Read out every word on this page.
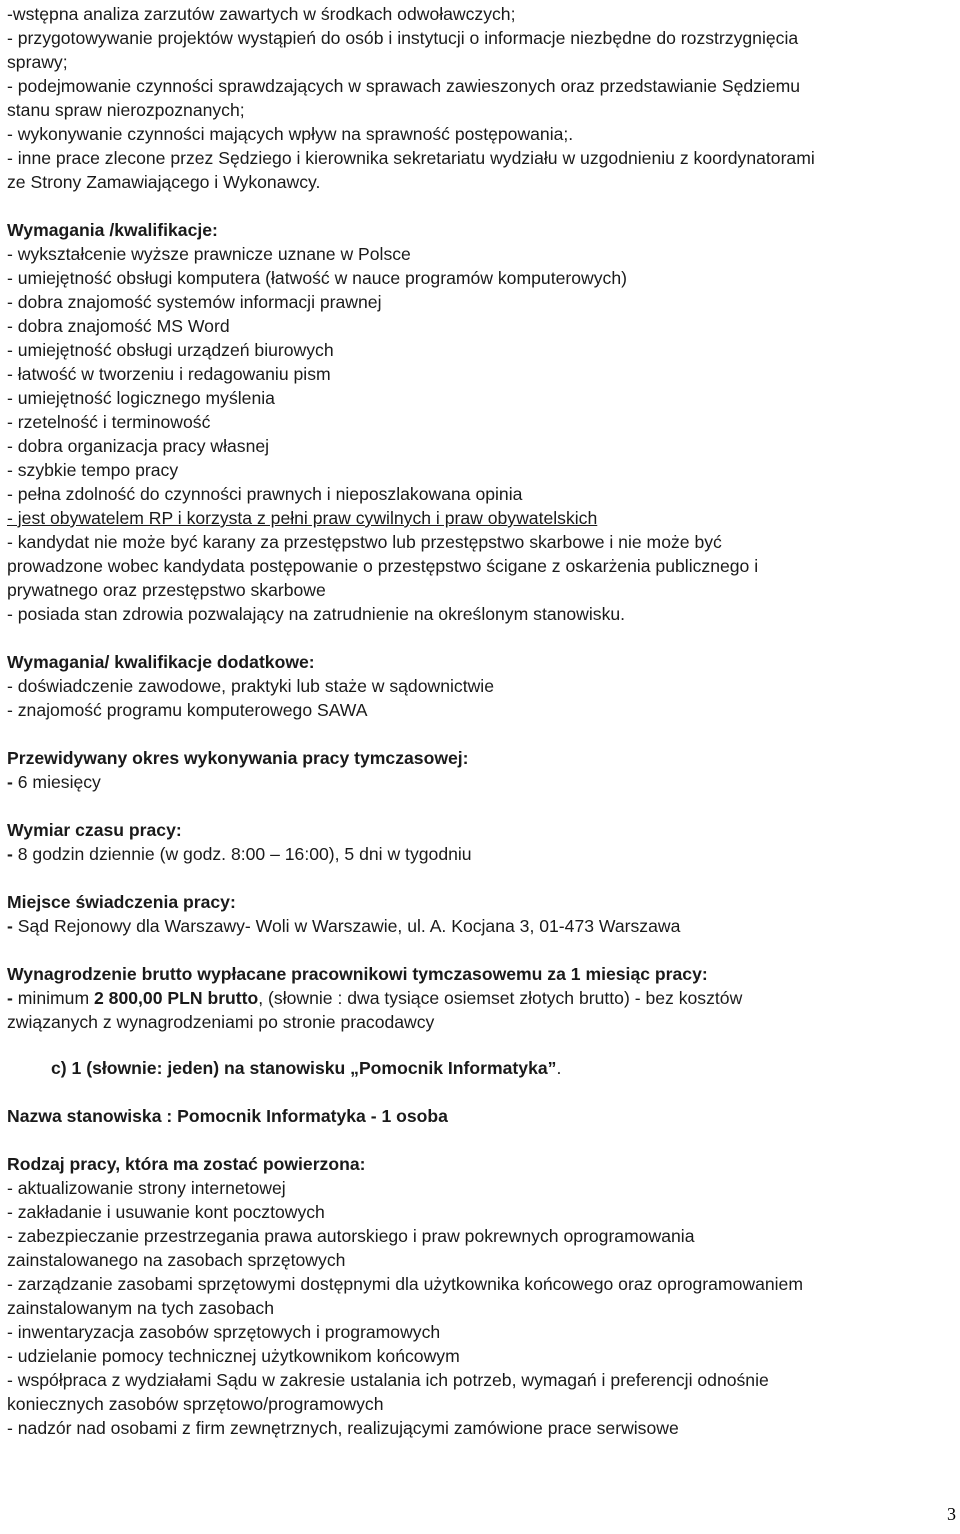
-wstępna analiza zarzutów zawartych w środkach odwoławczych;
- przygotowywanie projektów wystąpień do osób i instytucji o informacje niezbędne do rozstrzygnięcia
sprawy;
- podejmowanie czynności sprawdzających w sprawach zawieszonych oraz przedstawianie Sędziemu
stanu spraw nierozpoznanych;
- wykonywanie czynności mających wpływ na sprawność postępowania;.
- inne prace zlecone przez Sędziego i kierownika sekretariatu wydziału w uzgodnieniu z koordynatorami
ze Strony Zamawiającego i Wykonawcy.
Wymagania /kwalifikacje:
- wykształcenie wyższe prawnicze uznane w Polsce
- umiejętność obsługi komputera (łatwość w nauce programów komputerowych)
- dobra znajomość systemów informacji prawnej
- dobra znajomość MS Word
- umiejętność obsługi urządzeń biurowych
- łatwość w tworzeniu i redagowaniu pism
- umiejętność logicznego myślenia
- rzetelność i terminowość
- dobra organizacja pracy własnej
- szybkie tempo pracy
- pełna zdolność do czynności prawnych i nieposzlakowana opinia
- jest obywatelem RP i korzysta z pełni praw cywilnych i praw obywatelskich
- kandydat nie może być karany za przestępstwo lub przestępstwo skarbowe i nie może być
prowadzone wobec kandydata postępowanie o przestępstwo ścigane z oskarżenia publicznego i
prywatnego oraz przestępstwo skarbowe
- posiada stan zdrowia pozwalający na zatrudnienie na określonym stanowisku.
Wymagania/ kwalifikacje dodatkowe:
- doświadczenie zawodowe, praktyki lub staże w sądownictwie
- znajomość programu komputerowego SAWA
Przewidywany okres wykonywania pracy tymczasowej:
- 6 miesięcy
Wymiar czasu pracy:
- 8 godzin dziennie (w godz. 8:00 – 16:00), 5 dni w tygodniu
Miejsce świadczenia pracy:
- Sąd Rejonowy dla Warszawy- Woli w Warszawie, ul. A. Kocjana 3, 01-473 Warszawa
Wynagrodzenie brutto wypłacane pracownikowi tymczasowemu za 1 miesiąc pracy:
- minimum 2 800,00 PLN brutto, (słownie : dwa tysiące osiemset złotych brutto) - bez kosztów
związanych z wynagrodzeniami po stronie pracodawcy
c) 1 (słownie: jeden) na stanowisku „Pomocnik Informatyka”.
Nazwa stanowiska : Pomocnik Informatyka - 1 osoba
Rodzaj pracy, która ma zostać powierzona:
- aktualizowanie strony internetowej
- zakładanie i usuwanie kont pocztowych
- zabezpieczanie przestrzegania prawa autorskiego i praw pokrewnych oprogramowania
zainstalowanego na zasobach sprzętowych
- zarządzanie zasobami sprzętowymi dostępnymi dla użytkownika końcowego oraz oprogramowaniem
zainstalowanym na tych zasobach
- inwentaryzacja zasobów sprzętowych i programowych
- udzielanie pomocy technicznej użytkownikom końcowym
- współpraca z wydziałami Sądu w zakresie ustalania ich potrzeb, wymagań i preferencji odnośnie
koniecznych zasobów sprzętowo/programowych
- nadzór nad osobami z firm zewnętrznych, realizującymi zamówione prace serwisowe
3
